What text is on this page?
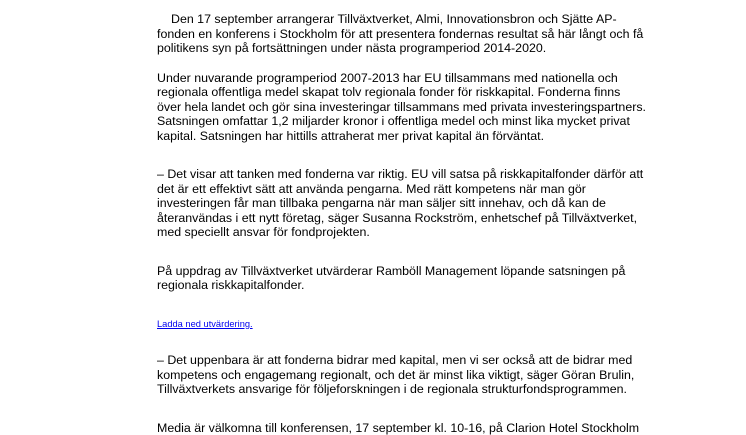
Den 17 september arrangerar Tillväxtverket, Almi, Innovationsbron och Sjätte AP-
fonden en konferens i Stockholm för att presentera fondernas resultat så här långt och få
politikens syn på fortsättningen under nästa programperiod 2014-2020.

Under nuvarande programperiod 2007-2013 har EU tillsammans med nationella och
regionala offentliga medel skapat tolv regionala fonder för riskkapital. Fonderna finns
över hela landet och gör sina investeringar tillsammans med privata investeringspartners.
Satsningen omfattar 1,2 miljarder kronor i offentliga medel och minst lika mycket privat
kapital. Satsningen har hittills attraherat mer privat kapital än förväntat.

– Det visar att tanken med fonderna var riktig. EU vill satsa på riskkapitalfonder därför att
det är ett effektivt sätt att använda pengarna. Med rätt kompetens när man gör
investeringen får man tillbaka pengarna när man säljer sitt innehav, och då kan de
återanvändas i ett nytt företag, säger Susanna Rockström, enhetschef på Tillväxtverket,
med speciellt ansvar för fondprojekten.

På uppdrag av Tillväxtverket utvärderar Ramböll Management löpande satsningen på
regionala riskkapitalfonder.

Ladda ned utvärdering.

– Det uppenbara är att fonderna bidrar med kapital, men vi ser också att de bidrar med
kompetens och engagemang regionalt, och det är minst lika viktigt, säger Göran Brulin,
Tillväxtverkets ansvarige för följeforskningen i de regionala strukturfondsprogrammen.

Media är välkomna till konferensen, 17 september kl. 10-16, på Clarion Hotel Stockholm
